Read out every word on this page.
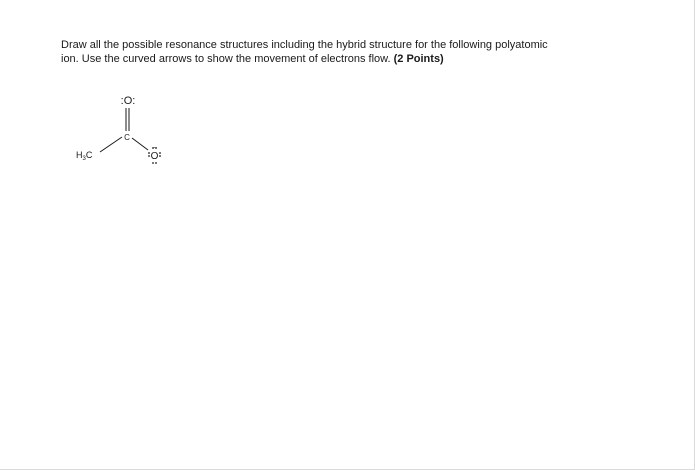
Draw all the possible resonance structures including the hybrid structure for the following polyatomic
ion. Use the curved arrows to show the movement of electrons flow. (2 Points)

:O:
C
$H_3C$	O
−
